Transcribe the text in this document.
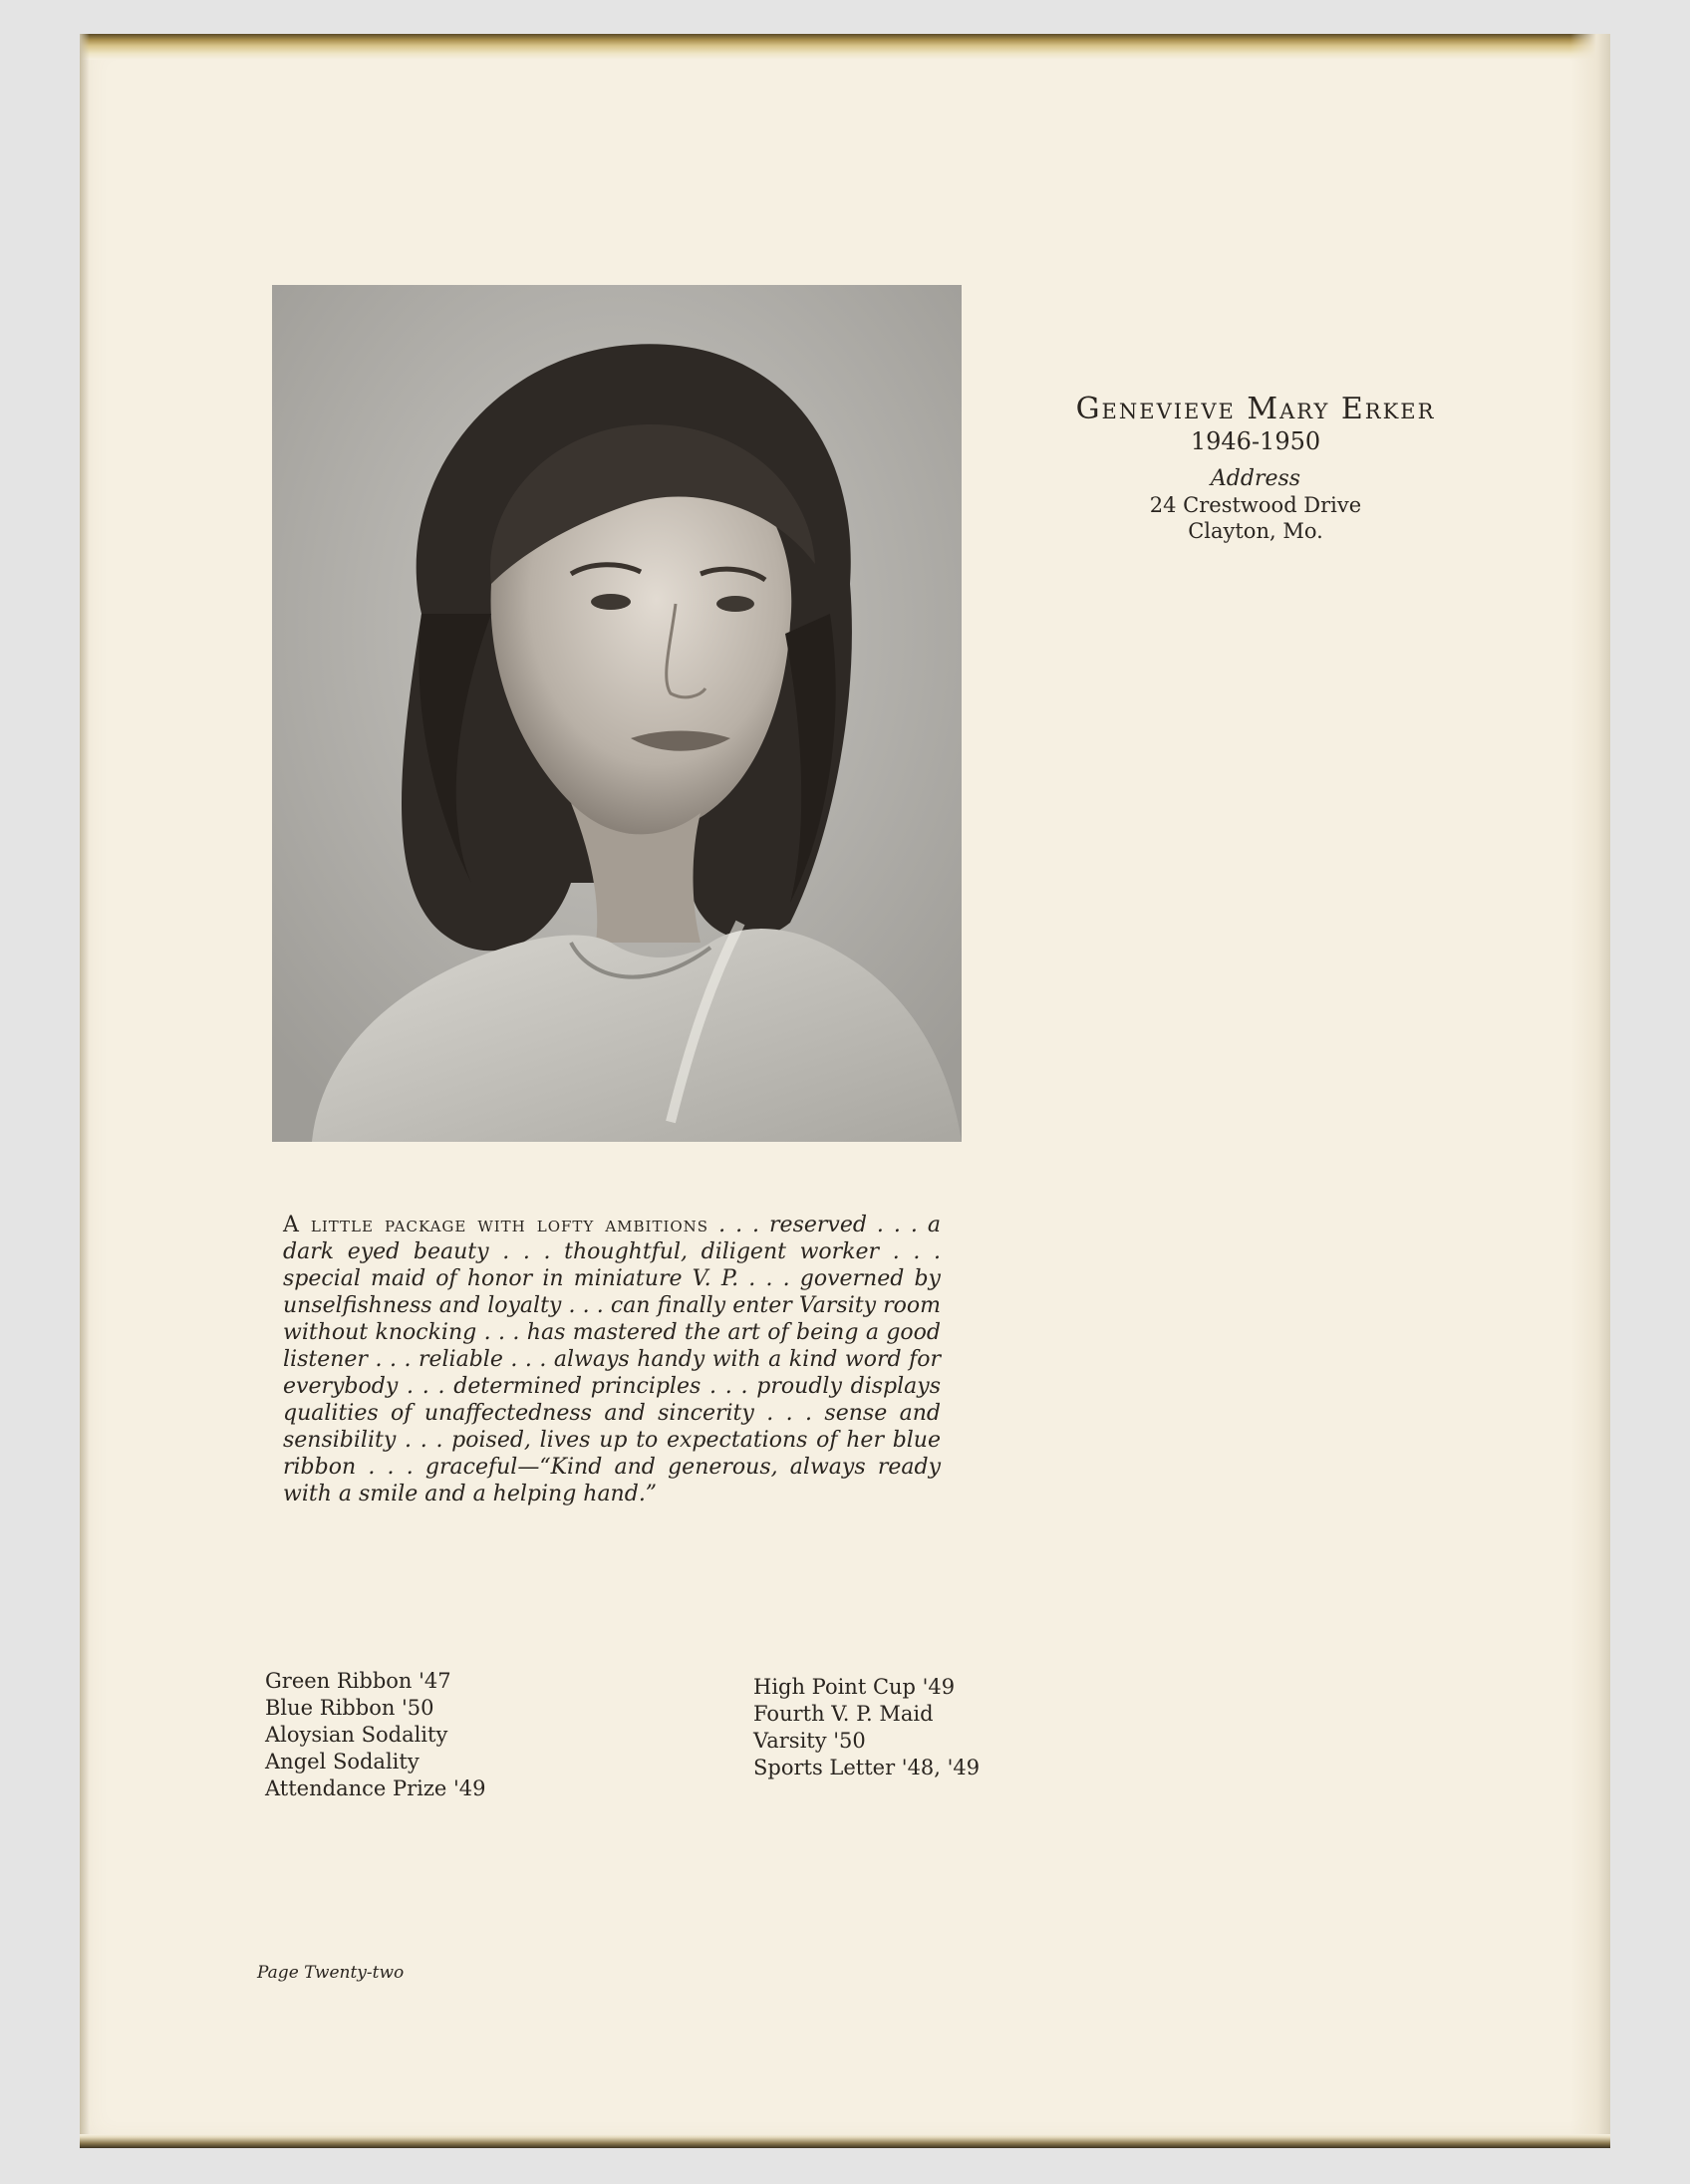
Genevieve Mary Erker
1946-1950
Address
24 Crestwood Drive
Clayton, Mo.
A little package with lofty ambitions . . . reserved . . . a dark eyed beauty . . . thoughtful, diligent worker . . . special maid of honor in miniature V. P. . . . governed by unselfishness and loyalty . . . can finally enter Varsity room without knocking . . . has mastered the art of being a good listener . . . reliable . . . always handy with a kind word for everybody . . . determined principles . . . proudly displays qualities of unaffectedness and sincerity . . . sense and sensibility . . . poised, lives up to expectations of her blue ribbon . . . graceful—“Kind and generous, always ready with a smile and a helping hand.”
Green Ribbon '47
Blue Ribbon '50
Aloysian Sodality
Angel Sodality
Attendance Prize '49
High Point Cup '49
Fourth V. P. Maid
Varsity '50
Sports Letter '48, '49
Page Twenty-two
